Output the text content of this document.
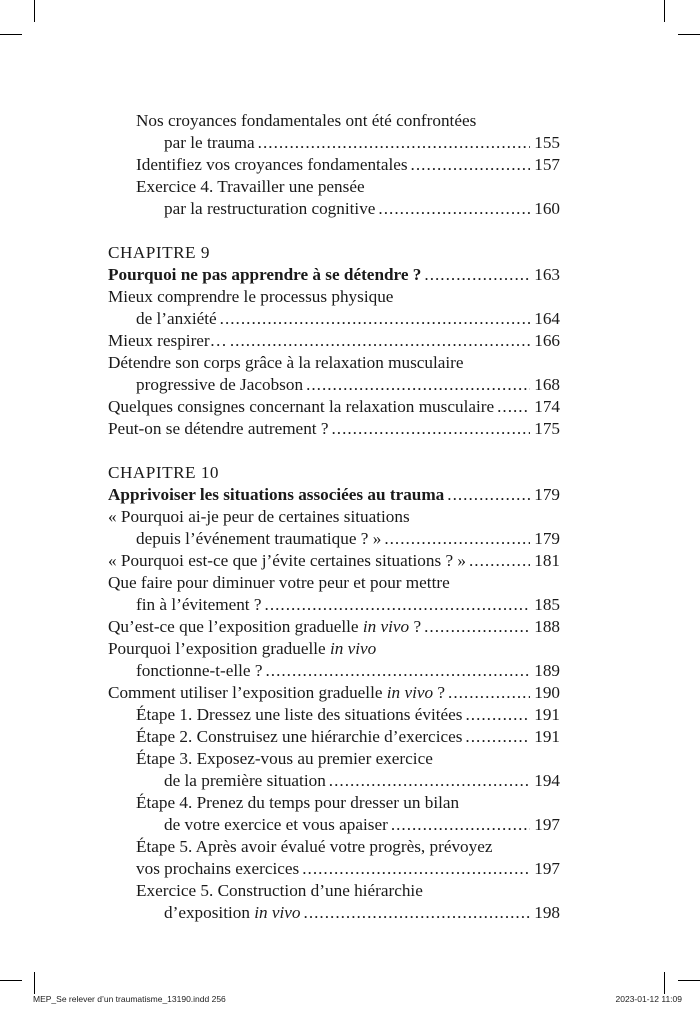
Nos croyances fondamentales ont été confrontées
par le trauma .....	155
Identifiez vos croyances fondamentales .....	157
Exercice 4. Travailler une pensée
par la restructuration cognitive .....	160
CHAPITRE 9
Pourquoi ne pas apprendre à se détendre ? .....	163
Mieux comprendre le processus physique
de l’anxiété .....	164
Mieux respirer… .....	166
Détendre son corps grâce à la relaxation musculaire
progressive de Jacobson .....	168
Quelques consignes concernant la relaxation musculaire ..... 174
Peut-on se détendre autrement ? .....	175
CHAPITRE 10
Apprivoiser les situations associées au trauma .....	179
« Pourquoi ai-je peur de certaines situations
depuis l’événement traumatique ? » .....	179
« Pourquoi est-ce que j’évite certaines situations ? » .....	181
Que faire pour diminuer votre peur et pour mettre
fin à l’évitement ? .....	185
Qu’est-ce que l’exposition graduelle in vivo ? .....	188
Pourquoi l’exposition graduelle in vivo
fonctionne-t-elle ? .....	189
Comment utiliser l’exposition graduelle in vivo ? .....	190
Étape 1. Dressez une liste des situations évitées .....	191
Étape 2. Construisez une hiérarchie d’exercices .....	191
Étape 3. Exposez-vous au premier exercice
de la première situation .....	194
Étape 4. Prenez du temps pour dresser un bilan
de votre exercice et vous apaiser .....	197
Étape 5. Après avoir évalué votre progrès, prévoyez
vos prochains exercices .....	197
Exercice 5. Construction d’une hiérarchie
d’exposition in vivo .....	198
MEP_Se relever d’un traumatisme_13190.indd 256	2023-01-12 11:09
